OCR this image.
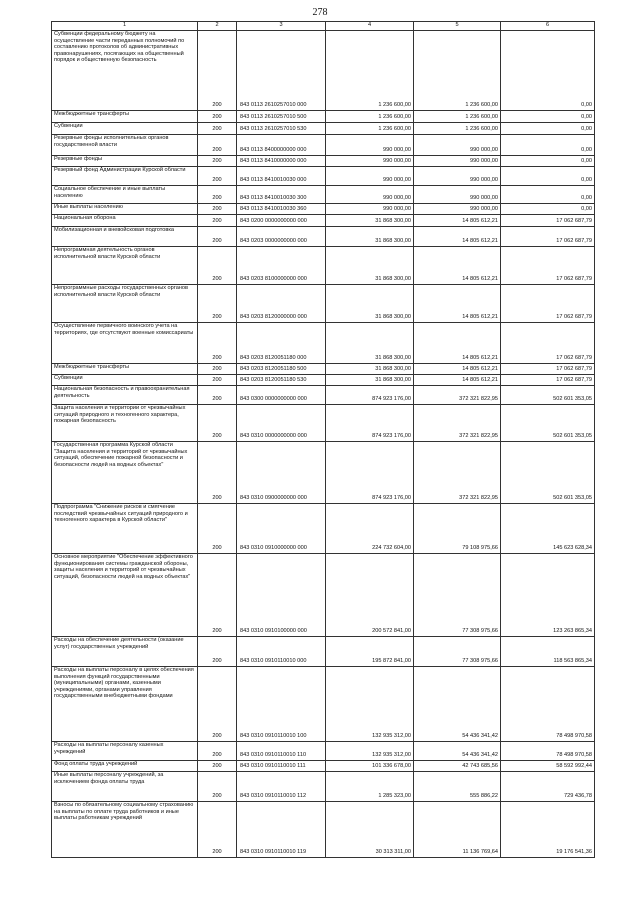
278
1	2	3	4	5	6
Субвенции федеральному бюджету на осуществление части переданных полномочий по составлению протоколов об административных правонарушениях, посягающих на общественный порядок и общественную безопасность	200	843 0113 2610257010 000	1 236 600,00	1 236 600,00	0,00
Межбюджетные трансферты	200	843 0113 2610257010 500	1 236 600,00	1 236 600,00	0,00
Субвенции	200	843 0113 2610257010 530	1 236 600,00	1 236 600,00	0,00
Резервные фонды исполнительных органов государственной власти	200	843 0113 8400000000 000	990 000,00	990 000,00	0,00
Резервные фонды	200	843 0113 8410000000 000	990 000,00	990 000,00	0,00
Резервный фонд Администрации Курской области	200	843 0113 8410010030 000	990 000,00	990 000,00	0,00
Социальное обеспечение и иные выплаты населению	200	843 0113 8410010030 300	990 000,00	990 000,00	0,00
Иные выплаты населению	200	843 0113 8410010030 360	990 000,00	990 000,00	0,00
Национальная оборона	200	843 0200 0000000000 000	31 868 300,00	14 805 612,21	17 062 687,79
Мобилизационная и вневойсковая подготовка	200	843 0203 0000000000 000	31 868 300,00	14 805 612,21	17 062 687,79
Непрограммная деятельность органов исполнительной власти Курской области	200	843 0203 8100000000 000	31 868 300,00	14 805 612,21	17 062 687,79
Непрограммные расходы государственных органов исполнительной власти Курской области	200	843 0203 8120000000 000	31 868 300,00	14 805 612,21	17 062 687,79
Осуществление первичного воинского учета на территориях, где отсутствуют военные комиссариаты	200	843 0203 8120051180 000	31 868 300,00	14 805 612,21	17 062 687,79
Межбюджетные трансферты	200	843 0203 8120051180 500	31 868 300,00	14 805 612,21	17 062 687,79
Субвенции	200	843 0203 8120051180 530	31 868 300,00	14 805 612,21	17 062 687,79
Национальная безопасность и правоохранительная деятельность	200	843 0300 0000000000 000	874 923 176,00	372 321 822,95	502 601 353,05
Защита населения и территории от чрезвычайных ситуаций природного и техногенного характера, пожарная безопасность	200	843 0310 0000000000 000	874 923 176,00	372 321 822,95	502 601 353,05
Государственная программа Курской области "Защита населения и территорий от чрезвычайных ситуаций, обеспечение пожарной безопасности и безопасности людей на водных объектах"	200	843 0310 0900000000 000	874 923 176,00	372 321 822,95	502 601 353,05
Подпрограмма "Снижение рисков и смягчение последствий чрезвычайных ситуаций природного и техногенного характера в Курской области"	200	843 0310 0910000000 000	224 732 604,00	79 108 975,66	145 623 628,34
Основное мероприятие "Обеспечение эффективного функционирования системы гражданской обороны, защиты населения и территорий от чрезвычайных ситуаций, безопасности людей на водных объектах"	200	843 0310 0910100000 000	200 572 841,00	77 308 975,66	123 263 865,34
Расходы на обеспечение деятельности (оказание услуг) государственных учреждений	200	843 0310 0910110010 000	195 872 841,00	77 308 975,66	118 563 865,34
Расходы на выплаты персоналу в целях обеспечения выполнения функций государственными (муниципальными) органами, казенными учреждениями, органами управления государственными внебюджетными фондами	200	843 0310 0910110010 100	132 935 312,00	54 436 341,42	78 498 970,58
Расходы на выплаты персоналу казенных учреждений	200	843 0310 0910110010 110	132 935 312,00	54 436 341,42	78 498 970,58
Фонд оплаты труда учреждений	200	843 0310 0910110010 111	101 336 678,00	42 743 685,56	58 592 992,44
Иные выплаты персоналу учреждений, за исключением фонда оплаты труда	200	843 0310 0910110010 112	1 285 323,00	555 886,22	729 436,78
Взносы по обязательному социальному страхованию на выплаты по оплате труда работников и иные выплаты работникам учреждений	200	843 0310 0910110010 119	30 313 311,00	11 136 769,64	19 176 541,36
